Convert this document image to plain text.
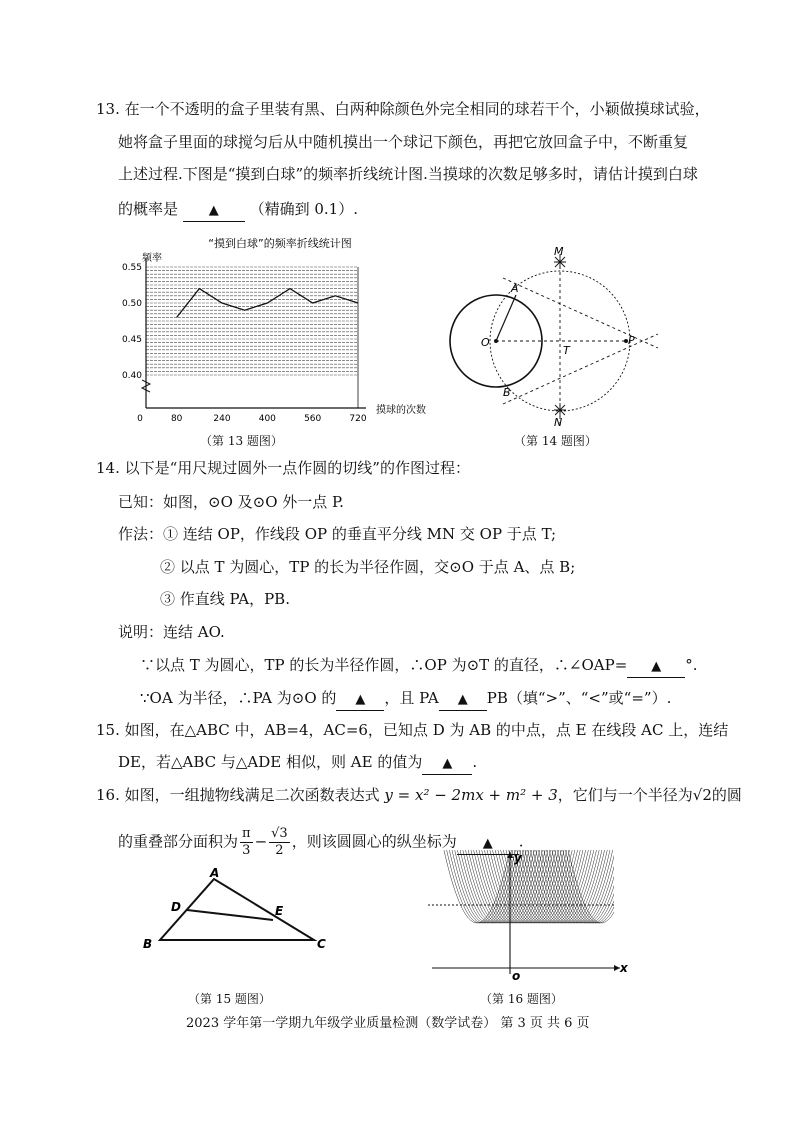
13. 在一个不透明的盒子里装有黑、白两种除颜色外完全相同的球若干个，小颖做摸球试验，
她将盒子里面的球搅匀后从中随机摸出一个球记下颜色，再把它放回盒子中，不断重复
上述过程.下图是“摸到白球”的频率折线统计图.当摸球的次数足够多时，请估计摸到白球
的概率是 ▲ （精确到 0.1）.
“摸到白球”的频率折线统计图
频率
0
0.55
0.50
0.45
0.40
80	240	400	560	720
摸球的次数
（第 13 题图）
M
A
O
T
P
B
N
（第 14 题图）
14. 以下是“用尺规过圆外一点作圆的切线”的作图过程：
已知：如图，⊙O 及⊙O 外一点 P.
作法：① 连结 OP，作线段 OP 的垂直平分线 MN 交 OP 于点 T;
② 以点 T 为圆心，TP 的长为半径作圆，交⊙O 于点 A、点 B;
③ 作直线 PA，PB.
说明：连结 AO.
∵以点 T 为圆心，TP 的长为半径作圆，∴OP 为⊙T 的直径，∴∠OAP= ▲ °.
∵OA 为半径，∴PA 为⊙O 的 ▲ ，且 PA ▲ PB（填“>”、“<”或“=”）.
15. 如图，在△ABC 中，AB=4，AC=6，已知点 D 为 AB 的中点，点 E 在线段 AC 上，连结
DE，若△ABC 与△ADE 相似，则 AE 的值为 ▲ .
16. 如图，一组抛物线满足二次函数表达式 y = x² − 2mx + m² + 3，它们与一个半径为√2的圆
的重叠部分面积为 $\frac{\pi}{3} - \frac{√3}{2}$ ，则该圆圆心的纵坐标为 ▲ .
A
D	E
B	C
（第 15 题图）
y
x
o
（第 16 题图）
2023 学年第一学期九年级学业质量检测（数学试卷） 第 3 页 共 6 页
